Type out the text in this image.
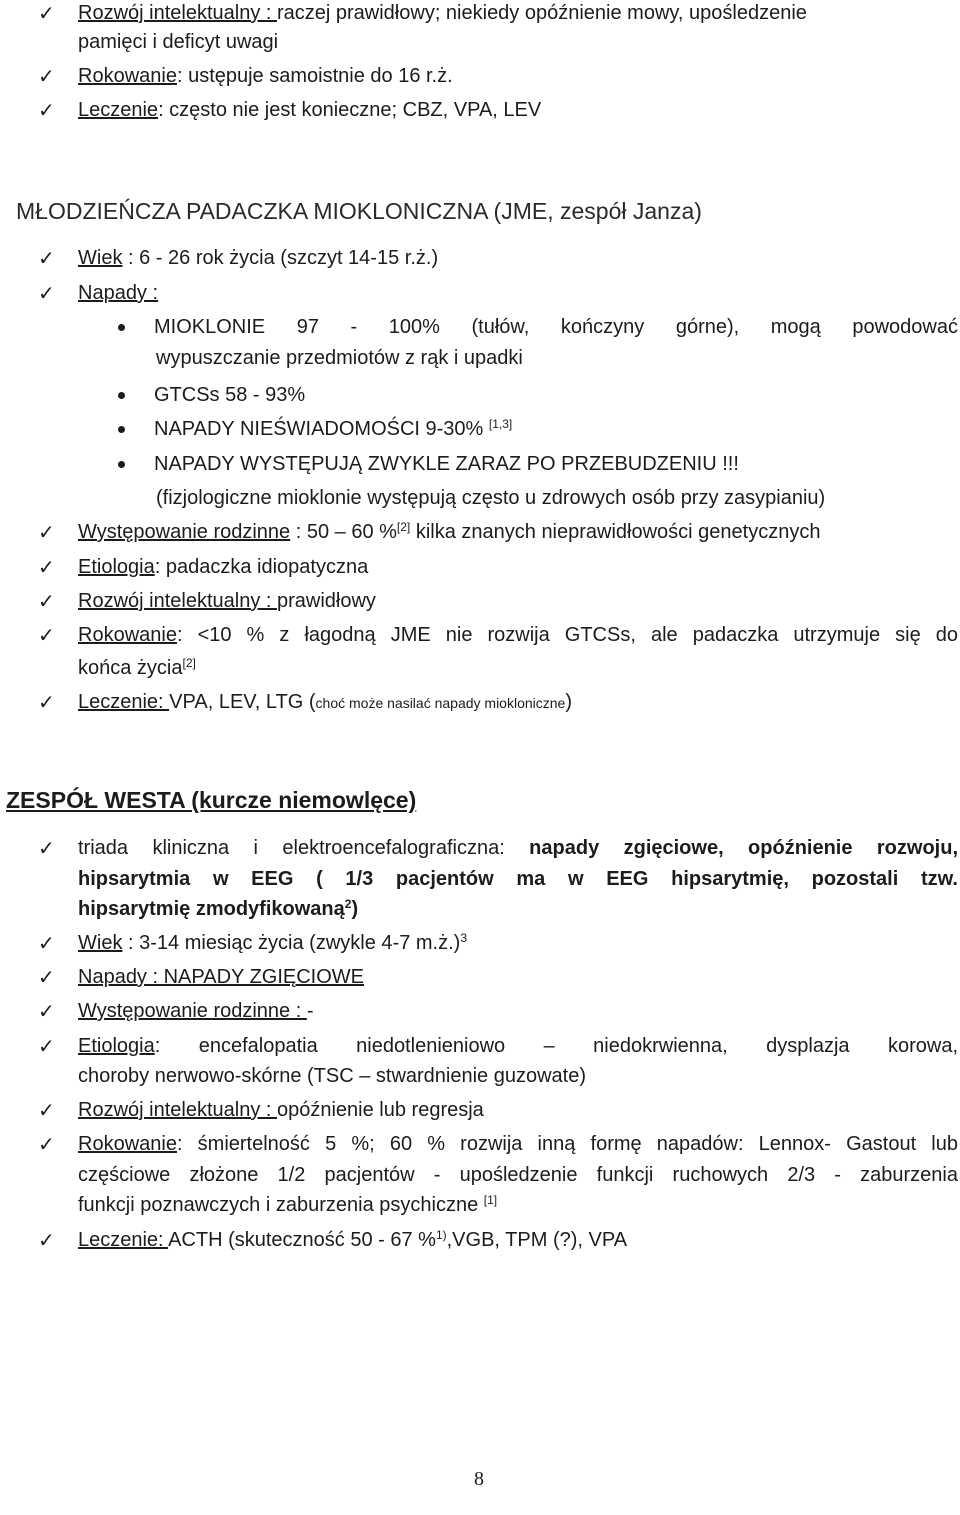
✓ Rozwój intelektualny : raczej prawidłowy; niekiedy opóźnienie mowy, upośledzenie
pamięci i deficyt uwagi
✓ Rokowanie: ustępuje samoistnie do 16 r.ż.
✓ Leczenie: często nie jest konieczne; CBZ, VPA, LEV
MŁODZIEŃCZA PADACZKA MIOKLONICZNA (JME, zespół Janza)
✓ Wiek : 6 - 26 rok życia (szczyt 14-15 r.ż.)
✓ Napady :
MIOKLONIE 97 - 100% (tułów, kończyny górne), mogą powodować
wypuszczanie przedmiotów z rąk i upadki
GTCSs 58 - 93%
NAPADY NIEŚWIADOMOŚCI 9-30% [1,3]
NAPADY WYSTĘPUJĄ ZWYKLE ZARAZ PO PRZEBUDZENIU !!!
(fizjologiczne mioklonie występują często u zdrowych osób przy zasypianiu)
✓ Występowanie rodzinne : 50 – 60 %[2] kilka znanych nieprawidłowości genetycznych
✓ Etiologia: padaczka idiopatyczna
✓ Rozwój intelektualny : prawidłowy
✓ Rokowanie: <10 % z łagodną JME nie rozwija GTCSs, ale padaczka utrzymuje się do
końca życia[2]
✓ Leczenie: VPA, LEV, LTG (choć może nasilać napady miokloniczne)
ZESPÓŁ WESTA (kurcze niemowlęce)
✓ triada kliniczna i elektroencefalograficzna: napady zgięciowe, opóźnienie rozwoju,
hipsarytmia w EEG ( 1/3 pacjentów ma w EEG hipsarytmię, pozostali tzw.
hipsarytmię zmodyfikowaną$^2$)
✓ Wiek : 3-14 miesiąc życia (zwykle 4-7 m.ż.)$^3$
✓ Napady : NAPADY ZGIĘCIOWE
✓ Występowanie rodzinne : -
✓ Etiologia: encefalopatia niedotlenieniowo – niedokrwienna, dysplazja korowa,
choroby nerwowo-skórne (TSC – stwardnienie guzowate)
✓ Rozwój intelektualny : opóźnienie lub regresja
✓ Rokowanie: śmiertelność 5 %; 60 % rozwija inną formę napadów: Lennox- Gastout lub
częściowe złożone 1/2 pacjentów - upośledzenie funkcji ruchowych 2/3 - zaburzenia
funkcji poznawczych i zaburzenia psychiczne [1]
✓ Leczenie: ACTH (skuteczność 50 - 67 %$^{1)}$,VGB, TPM (?), VPA
8
